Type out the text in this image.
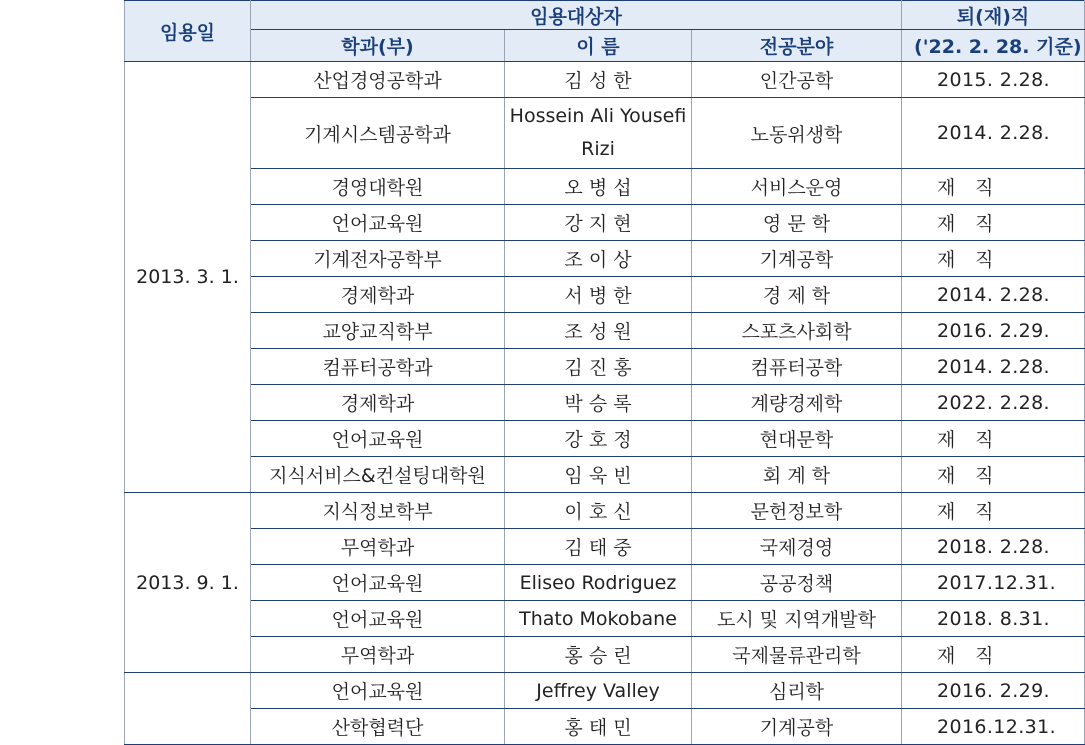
임용일	임용대상자			퇴(재)직
	학과(부)	이 름	전공분야	('22. 2. 28. 기준)
2013. 3. 1.	산업경영공학과	김 성 한	인간공학	2015. 2.28.
	기계시스템공학과	Hossein Ali Yousefi Rizi	노동위생학	2014. 2.28.
	경영대학원	오 병 섭	서비스운영	재　직
	언어교육원	강 지 현	영 문 학	재　직
	기계전자공학부	조 이 상	기계공학	재　직
	경제학과	서 병 한	경 제 학	2014. 2.28.
	교양교직학부	조 성 원	스포츠사회학	2016. 2.29.
	컴퓨터공학과	김 진 홍	컴퓨터공학	2014. 2.28.
	경제학과	박 승 록	계량경제학	2022. 2.28.
	언어교육원	강 호 정	현대문학	재　직
	지식서비스&컨설팅대학원	임 욱 빈	회 계 학	재　직
2013. 9. 1.	지식정보학부	이 호 신	문헌정보학	재　직
	무역학과	김 태 중	국제경영	2018. 2.28.
	언어교육원	Eliseo Rodriguez	공공정책	2017.12.31.
	언어교육원	Thato Mokobane	도시 및 지역개발학	2018. 8.31.
	무역학과	홍 승 린	국제물류관리학	재　직
	언어교육원	Jeffrey Valley	심리학	2016. 2.29.
	산학협력단	홍 태 민	기계공학	2016.12.31.
